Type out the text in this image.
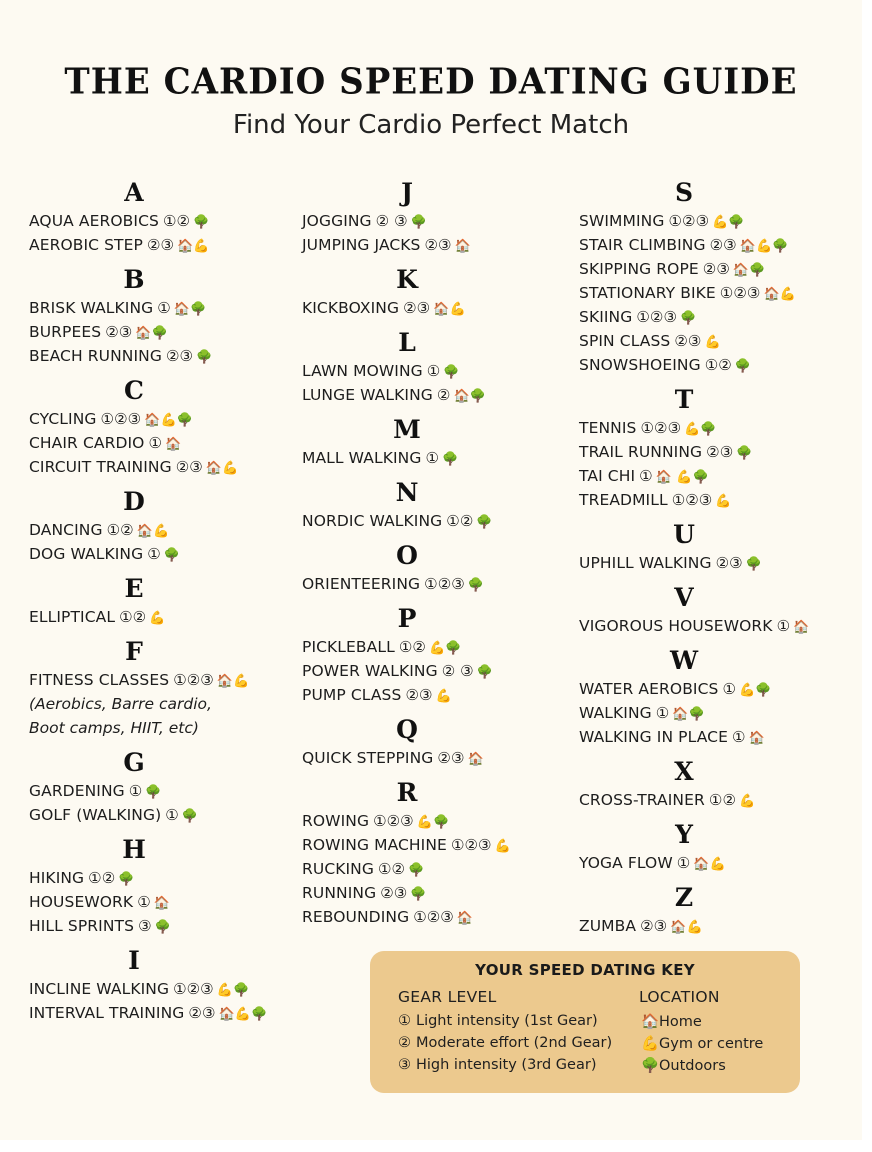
THE CARDIO SPEED DATING GUIDE
Find Your Cardio Perfect Match
A
AQUA AEROBICS ①② 🌳
AEROBIC STEP ②③ 🏠💪
B
BRISK WALKING ① 🏠🌳
BURPEES ②③ 🏠🌳
BEACH RUNNING ②③ 🌳
C
CYCLING ①②③ 🏠💪🌳
CHAIR CARDIO ① 🏠
CIRCUIT TRAINING ②③ 🏠💪
D
DANCING ①② 🏠💪
DOG WALKING ① 🌳
E
ELLIPTICAL ①② 💪
F
FITNESS CLASSES ①②③ 🏠💪
(Aerobics, Barre cardio,
Boot camps, HIIT, etc)
G
GARDENING ① 🌳
GOLF (WALKING) ① 🌳
H
HIKING ①② 🌳
HOUSEWORK ① 🏠
HILL SPRINTS ③ 🌳
I
INCLINE WALKING ①②③ 💪🌳
INTERVAL TRAINING ②③ 🏠💪🌳
J
JOGGING ② ③ 🌳
JUMPING JACKS ②③ 🏠
K
KICKBOXING ②③ 🏠💪
L
LAWN MOWING ① 🌳
LUNGE WALKING ② 🏠🌳
M
MALL WALKING ① 🌳
N
NORDIC WALKING ①② 🌳
O
ORIENTEERING ①②③ 🌳
P
PICKLEBALL ①② 💪🌳
POWER WALKING ② ③ 🌳
PUMP CLASS ②③ 💪
Q
QUICK STEPPING ②③ 🏠
R
ROWING ①②③ 💪🌳
ROWING MACHINE ①②③ 💪
RUCKING ①② 🌳
RUNNING ②③ 🌳
REBOUNDING ①②③ 🏠
S
SWIMMING ①②③ 💪🌳
STAIR CLIMBING ②③ 🏠💪🌳
SKIPPING ROPE ②③ 🏠🌳
STATIONARY BIKE ①②③ 🏠💪
SKIING ①②③ 🌳
SPIN CLASS ②③ 💪
SNOWSHOEING ①② 🌳
T
TENNIS ①②③ 💪🌳
TRAIL RUNNING ②③ 🌳
TAI CHI ① 🏠 💪🌳
TREADMILL ①②③ 💪
U
UPHILL WALKING ②③ 🌳
V
VIGOROUS HOUSEWORK ① 🏠
W
WATER AEROBICS ① 💪🌳
WALKING ① 🏠🌳
WALKING IN PLACE ① 🏠
X
CROSS-TRAINER ①② 💪
Y
YOGA FLOW ① 🏠💪
Z
ZUMBA ②③ 🏠💪
YOUR SPEED DATING KEY
GEAR LEVEL	LOCATION
① Light intensity (1st Gear)
② Moderate effort (2nd Gear)
③ High intensity (3rd Gear)
🏠Home
💪Gym or centre
🌳Outdoors
